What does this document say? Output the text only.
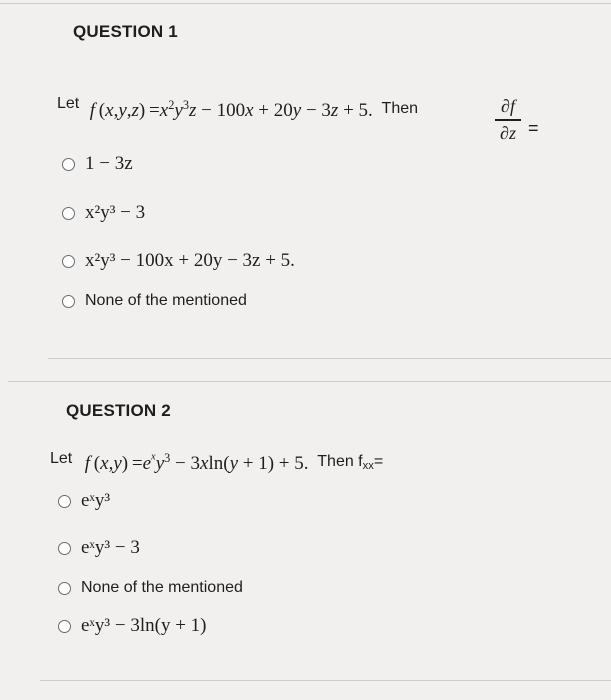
QUESTION 1
Let f $(x,y,z) =x^2y^3z - 100x + 20y - 3z + 5$. Then	∂f
∂z =
1 − 3z
x²y³ − 3
x²y³ − 100x + 20y − 3z + 5.
None of the mentioned
QUESTION 2
Let f $(x,y) =e^xy^3 - 3xln(y + 1) + 5$. Then $f_{xx}=$
eˣy³
eˣy³ − 3
None of the mentioned
eˣy³ − 3ln(y + 1)
